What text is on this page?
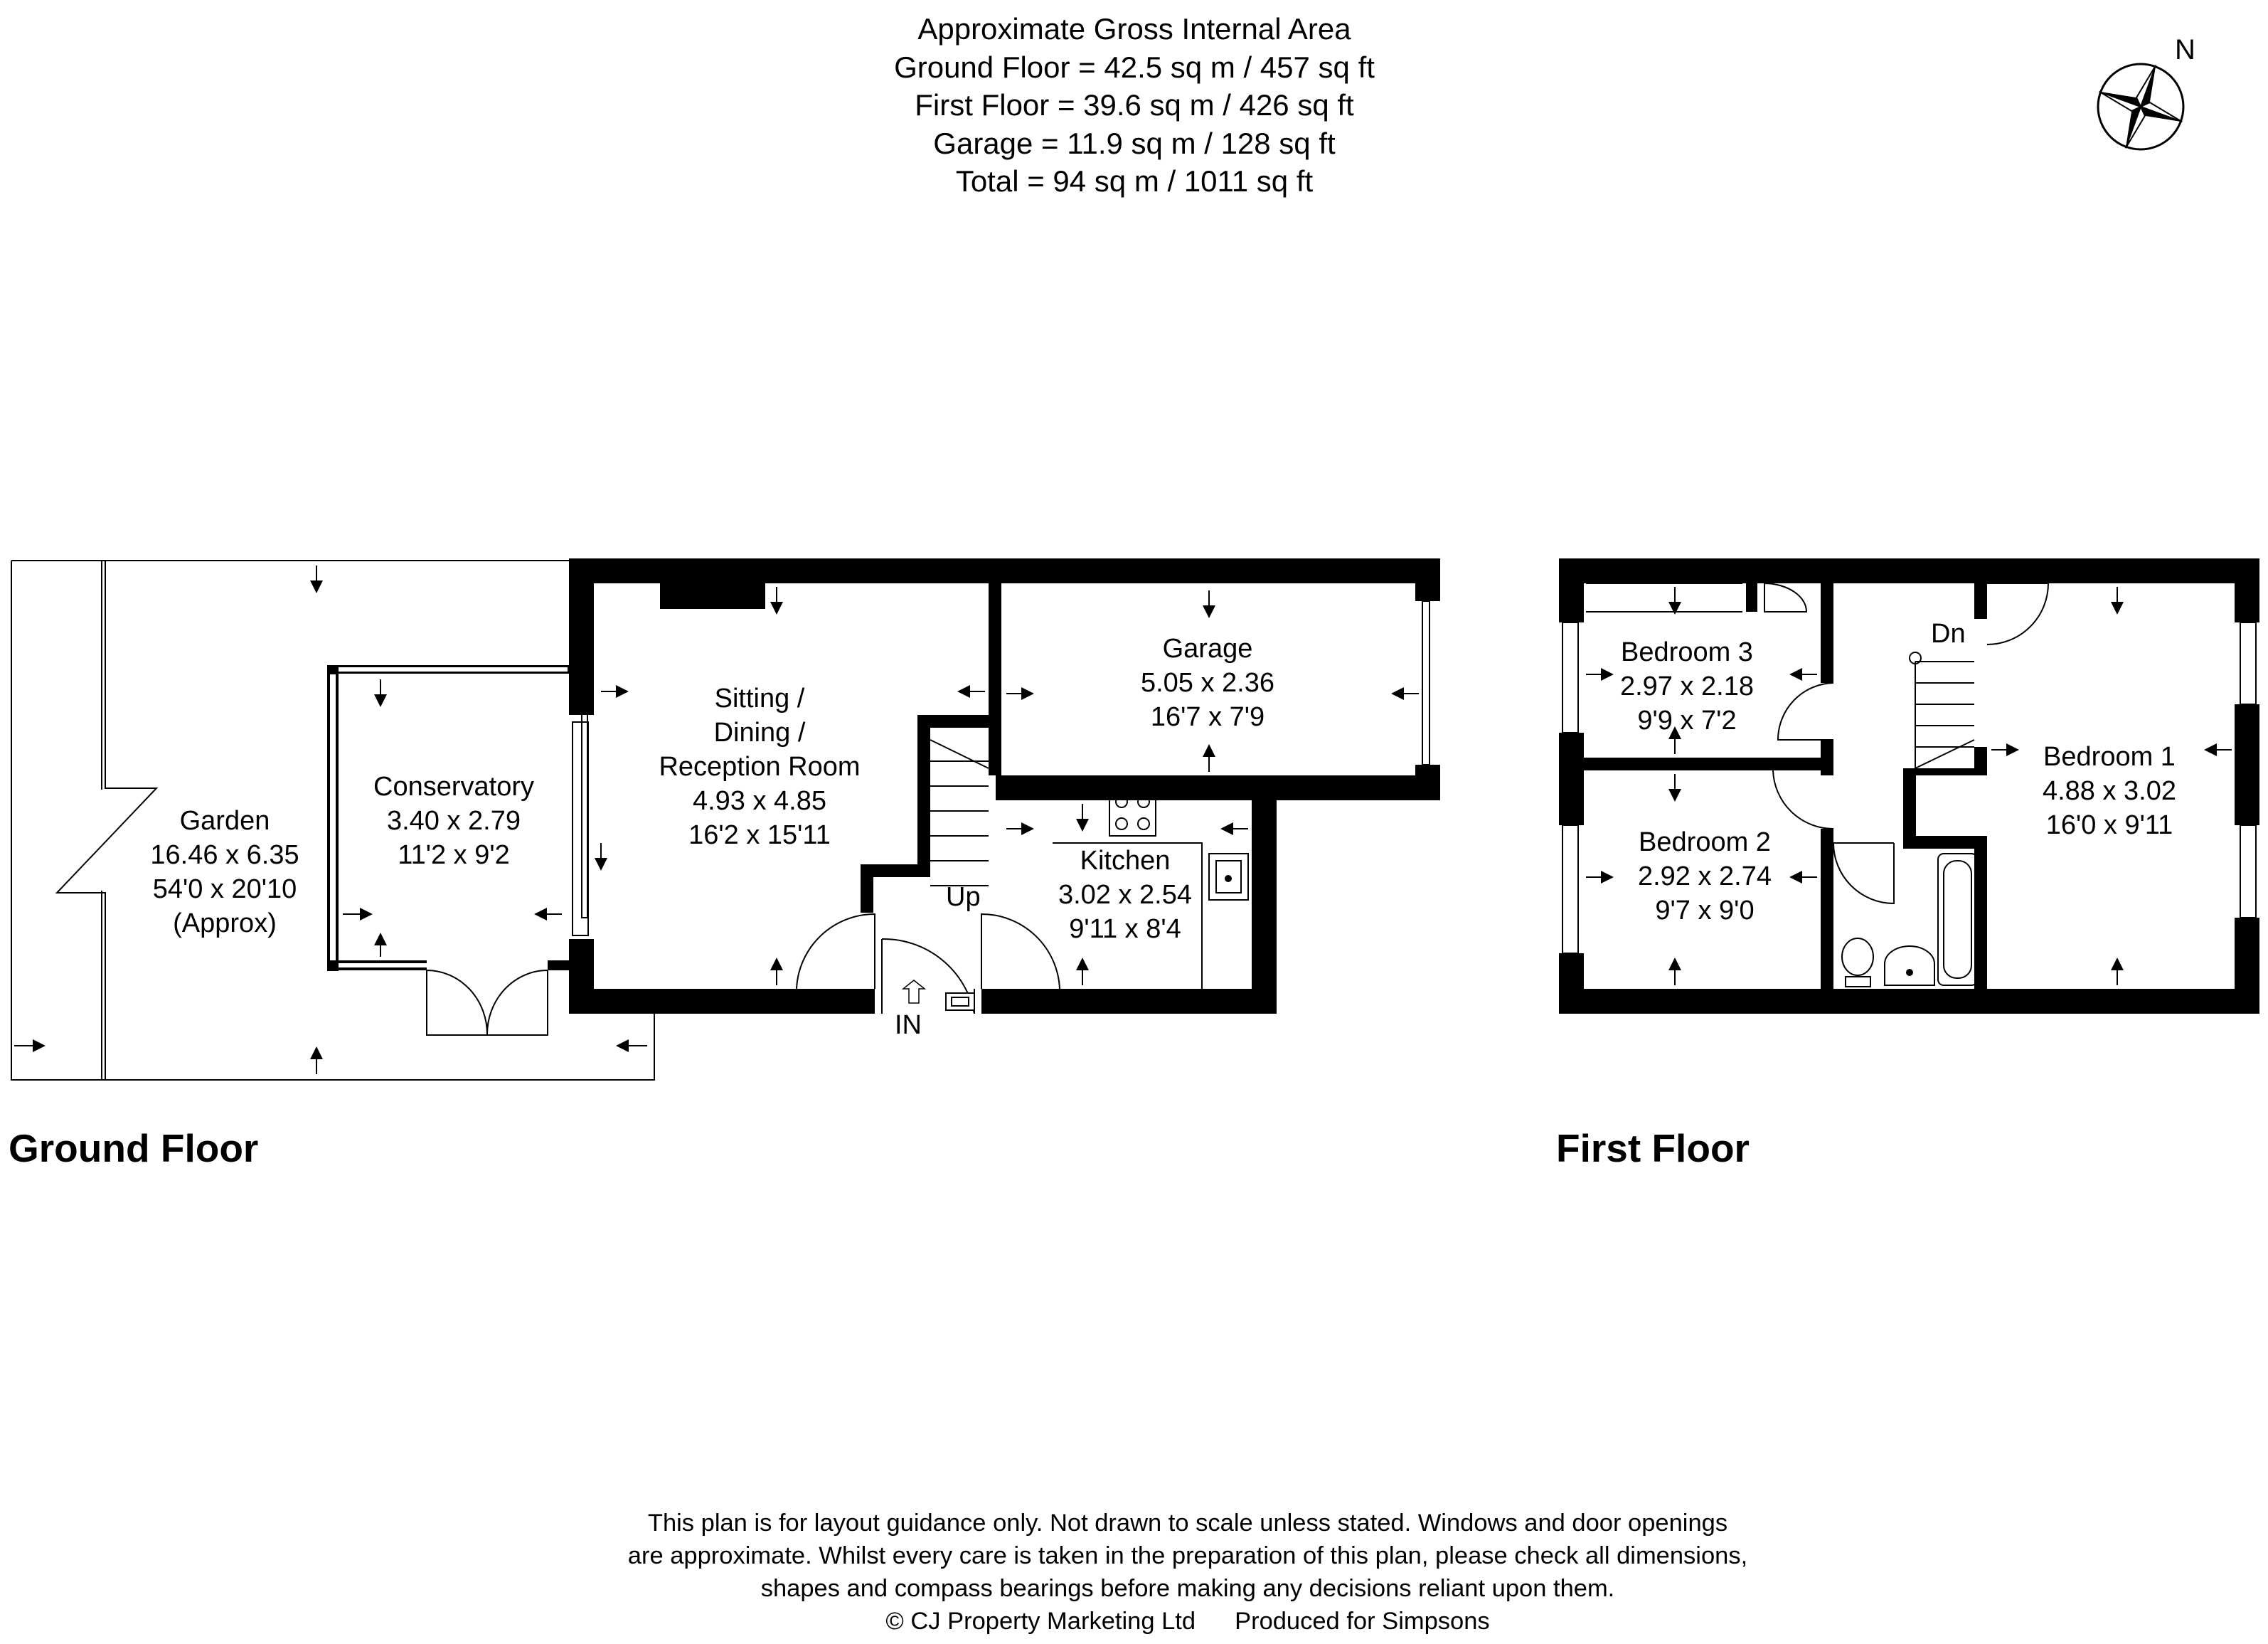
Approximate Gross Internal Area
Ground Floor = 42.5 sq m / 457 sq ft
First Floor = 39.6 sq m / 426 sq ft
Garage = 11.9 sq m / 128 sq ft
Total = 94 sq m / 1011 sq ft
N
Garden
16.46 x 6.35
54'0 x 20'10
(Approx)
Conservatory
3.40 x 2.79
11'2 x 9'2
Sitting /
Dining /
Reception Room
4.93 x 4.85
16'2 x 15'11
Garage
5.05 x 2.36
16'7 x 7'9
Kitchen
3.02 x 2.54
9'11 x 8'4
Up
IN
Ground Floor
Bedroom 3
2.97 x 2.18
9'9 x 7'2
Bedroom 2
2.92 x 2.74
9'7 x 9'0
Bedroom 1
4.88 x 3.02
16'0 x 9'11
Dn
First Floor
This plan is for layout guidance only. Not drawn to scale unless stated. Windows and door openings
are approximate. Whilst every care is taken in the preparation of this plan, please check all dimensions,
shapes and compass bearings before making any decisions reliant upon them.
© CJ Property Marketing Ltd Produced for Simpsons
